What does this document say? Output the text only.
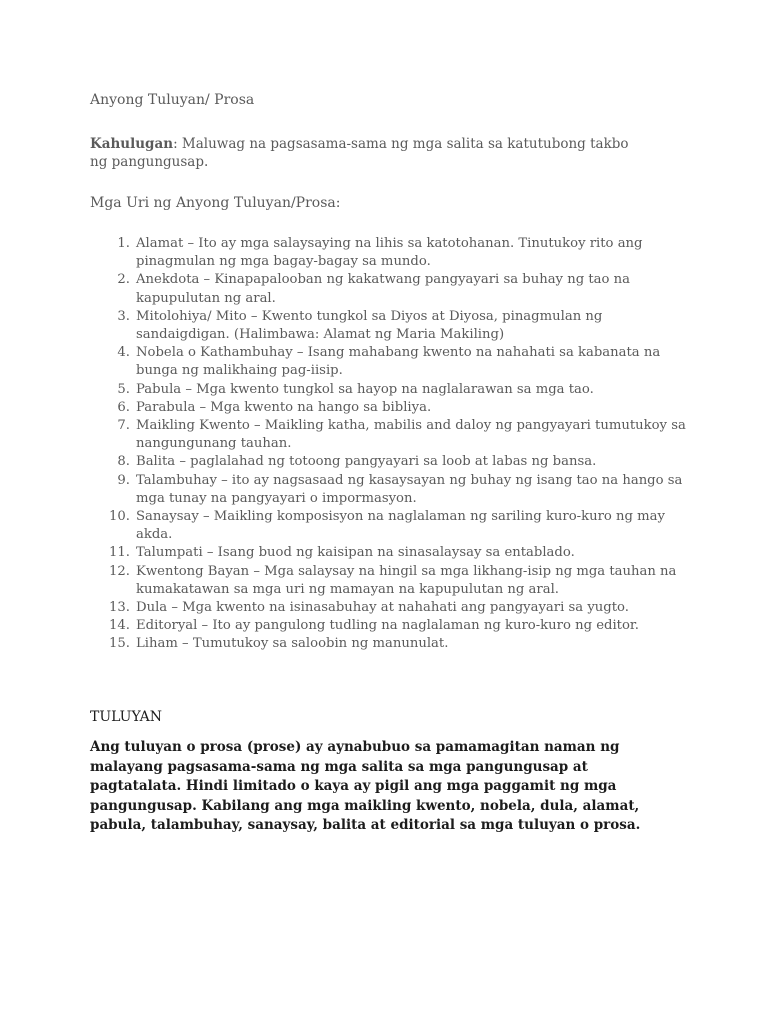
Anyong Tuluyan/ Prosa
Kahulugan: Maluwag na pagsasama-sama ng mga salita sa katutubong takbo ng pangungusap.
Mga Uri ng Anyong Tuluyan/Prosa:
1. Alamat – Ito ay mga salaysaying na lihis sa katotohanan. Tinutukoy rito ang pinagmulan ng mga bagay-bagay sa mundo.
2. Anekdota – Kinapapalooban ng kakatwang pangyayari sa buhay ng tao na kapupulutan ng aral.
3. Mitolohiya/ Mito – Kwento tungkol sa Diyos at Diyosa, pinagmulan ng sandaigdigan. (Halimbawa: Alamat ng Maria Makiling)
4. Nobela o Kathambuhay – Isang mahabang kwento na nahahati sa kabanata na bunga ng malikhaing pag-iisip.
5. Pabula – Mga kwento tungkol sa hayop na naglalarawan sa mga tao.
6. Parabula – Mga kwento na hango sa bibliya.
7. Maikling Kwento – Maikling katha, mabilis and daloy ng pangyayari tumutukoy sa nangungunang tauhan.
8. Balita – paglalahad ng totoong pangyayari sa loob at labas ng bansa.
9. Talambuhay – ito ay nagsasaad ng kasaysayan ng buhay ng isang tao na hango sa mga tunay na pangyayari o impormasyon.
10. Sanaysay – Maikling komposisyon na naglalaman ng sariling kuro-kuro ng may akda.
11. Talumpati – Isang buod ng kaisipan na sinasalaysay sa entablado.
12. Kwentong Bayan – Mga salaysay na hingil sa mga likhang-isip ng mga tauhan na kumakatawan sa mga uri ng mamayan na kapupulutan ng aral.
13. Dula – Mga kwento na isinasabuhay at nahahati ang pangyayari sa yugto.
14. Editoryal – Ito ay pangulong tudling na naglalaman ng kuro-kuro ng editor.
15. Liham – Tumutukoy sa saloobin ng manunulat.
TULUYAN
Ang tuluyan o prosa (prose) ay aynabubuo sa pamamagitan naman ng malayang pagsasama-sama ng mga salita sa mga pangungusap at pagtatalata. Hindi limitado o kaya ay pigil ang mga paggamit ng mga pangungusap. Kabilang ang mga maikling kwento, nobela, dula, alamat, pabula, talambuhay, sanaysay, balita at editorial sa mga tuluyan o prosa.
